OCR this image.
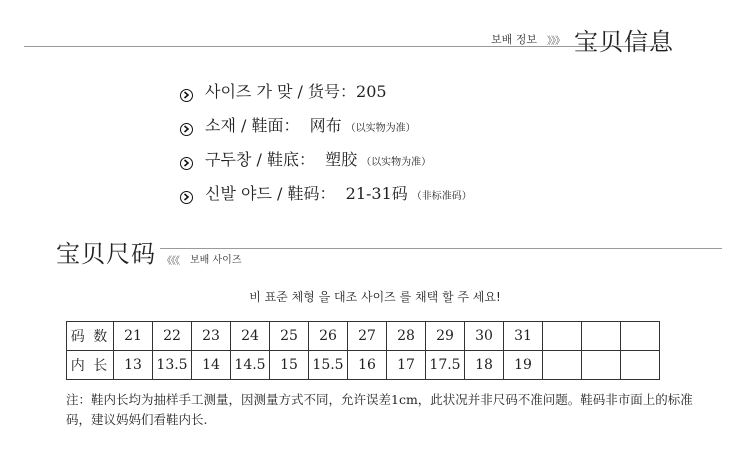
보배 정보 》》》 宝贝信息
사이즈 가 맞 / 货号：205
소재 / 鞋面：  网布 （以实物为准）
구두창 / 鞋底：  塑胶 （以实物为准）
신발 야드 / 鞋码：  21-31码 （非标准码）
宝贝尺码 《《《 보배 사이즈
비 표준 체형 을 대조 사이즈 를 채택 할 주 세요!
码 数	21	22	23	24	25	26	27	28	29	30	31			
内 长	13	13.5	14	14.5	15	15.5	16	17	17.5	18	19			
注：鞋内长均为抽样手工测量，因测量方式不同，允许误差1cm，此状况并非尺码不准问题。鞋码非市面上的标准码，建议妈妈们看鞋内长.
